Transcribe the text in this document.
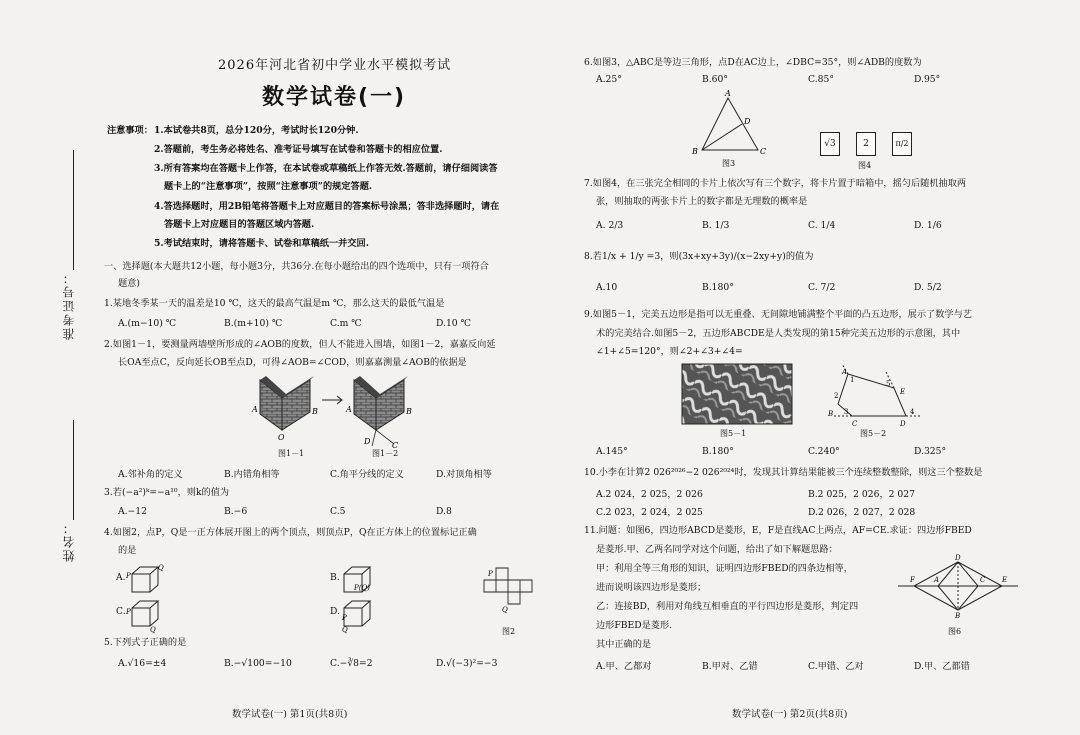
准考证号：
姓名：
2026年河北省初中学业水平模拟考试
数学试卷(一)
注意事项： 1.本试卷共8页，总分120分，考试时长120分钟.
2.答题前，考生务必将姓名、准考证号填写在试卷和答题卡的相应位置.
3.所有答案均在答题卡上作答，在本试卷或草稿纸上作答无效.答题前，请仔细阅读答
题卡上的“注意事项”，按照“注意事项”的规定答题.
4.答选择题时，用2B铅笔将答题卡上对应题目的答案标号涂黑；答非选择题时，请在
答题卡上对应题目的答题区域内答题.
5.考试结束时，请将答题卡、试卷和草稿纸一并交回.
一、选择题(本大题共12小题，每小题3分，共36分.在每小题给出的四个选项中，只有一项符合
题意)
1.某地冬季某一天的温差是10 ℃，这天的最高气温是m ℃，那么这天的最低气温是
A.(m−10) ℃	B.(m+10) ℃	C.m ℃	D.10 ℃
2.如图1－1，要测量两墙壁所形成的∠AOB的度数，但人不能进入围墙，如图1－2，嘉嘉反向延
长OA至点C，反向延长OB至点D，可得∠AOB=∠COD，则嘉嘉测量∠AOB的依据是
A	B
O
A	B
D	C
图1－1	图1－2
A.邻补角的定义	B.内错角相等	C.角平分线的定义	D.对顶角相等
3.若(−a²)ᵏ=−a¹⁰，则k的值为
A.−12	B.−6	C.5	D.8
4.如图2，点P，Q是一正方体展开图上的两个顶点，则顶点P，Q在正方体上的位置标记正确
的是
A. P
Q
B.
P(Q)
C. P
Q
D.
P
Q
P
Q
图2
5.下列式子正确的是
A.√16=±4	B.−√100=−10	C.−∛8=2	D.√(−3)²=−3
数学试卷(一) 第1页(共8页)
6.如图3，△ABC是等边三角形，点D在AC边上，∠DBC=35°，则∠ADB的度数为
A.25°	B.60°	C.85°	D.95°
A
B	C
D
图3
√3	2	π/2
图4
7.如图4，在三张完全相同的卡片上依次写有三个数字，将卡片置于暗箱中，摇匀后随机抽取两
张，则抽取的两张卡片上的数字都是无理数的概率是
A. 2/3	B. 1/3	C. 1/4	D. 1/6
8.若1/x + 1/y =3，则(3x+xy+3y)/(x−2xy+y)的值为
A.10	B.180°	C. 7/2	D. 5/2
9.如图5－1，完美五边形是指可以无重叠、无间隙地铺满整个平面的凸五边形，展示了数学与艺
术的完美结合.如图5－2，五边形ABCDE是人类发现的第15种完美五边形的示意图，其中
∠1+∠5=120°，则∠2+∠3+∠4=
图5－1
A
B
C	D
E
1
2
3	4
5
图5－2
A.145°	B.180°	C.240°	D.325°
10.小李在计算2 026²⁰²⁶−2 026²⁰²⁴时，发现其计算结果能被三个连续整数整除，则这三个整数是
A.2 024，2 025，2 026	B.2 025，2 026，2 027
C.2 023，2 024，2 025	D.2 026，2 027，2 028
11.问题：如图6，四边形ABCD是菱形，E，F是直线AC上两点，AF=CE.求证：四边形FBED
是菱形.甲、乙两名同学对这个问题，给出了如下解题思路：
甲：利用全等三角形的知识，证明四边形FBED的四条边相等，
进而说明该四边形是菱形；
乙：连接BD，利用对角线互相垂直的平行四边形是菱形，判定四
边形FBED是菱形.
其中正确的是
D
B
F	A	C E
图6
A.甲、乙都对	B.甲对、乙错	C.甲错、乙对	D.甲、乙都错
数学试卷(一) 第2页(共8页)
